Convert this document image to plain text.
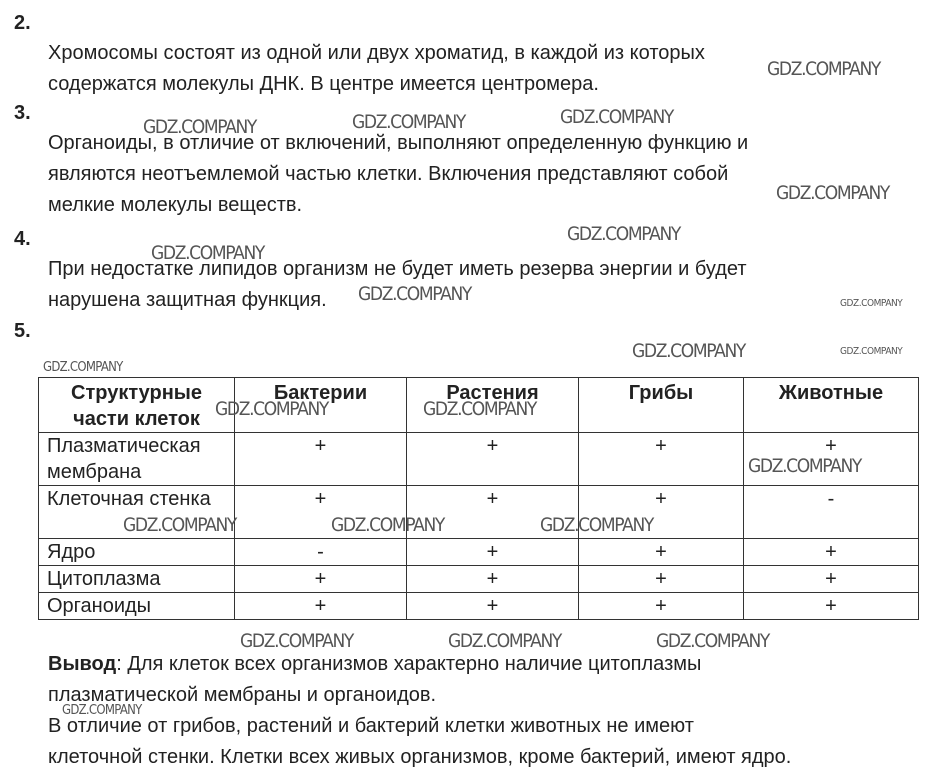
2.
Хромосомы состоят из одной или двух хроматид, в каждой из которых
содержатся молекулы ДНК. В центре имеется центромера.
3.
Органоиды, в отличие от включений, выполняют определенную функцию и
являются неотъемлемой частью клетки. Включения представляют собой
мелкие молекулы веществ.
4.
При недостатке липидов организм не будет иметь резерва энергии и будет
нарушена защитная функция.
5.
Структурные части клеток	Бактерии	Растения	Грибы	Животные
Плазматическая мембрана	+	+	+	+
Клеточная стенка	+	+	+	-
Ядро	-	+	+	+
Цитоплазма	+	+	+	+
Органоиды	+	+	+	+
Вывод: Для клеток всех организмов характерно наличие цитоплазмы
плазматической мембраны и органоидов.
В отличие от грибов, растений и бактерий клетки животных не имеют
клеточной стенки. Клетки всех живых организмов, кроме бактерий, имеют ядро.
GDZ.COMPANY
GDZ.COMPANY	GDZ.COMPANY	GDZ.COMPANY
GDZ.COMPANY
GDZ.COMPANY
GDZ.COMPANY
GDZ.COMPANY	GDZ.COMPANY
GDZ.COMPANY	GDZ.COMPANY
GDZ.COMPANY
GDZ.COMPANY	GDZ.COMPANY
GDZ.COMPANY
GDZ.COMPANY	GDZ.COMPANY	GDZ.COMPANY
GDZ.COMPANY	GDZ.COMPANY	GDZ.COMPANY
GDZ.COMPANY
